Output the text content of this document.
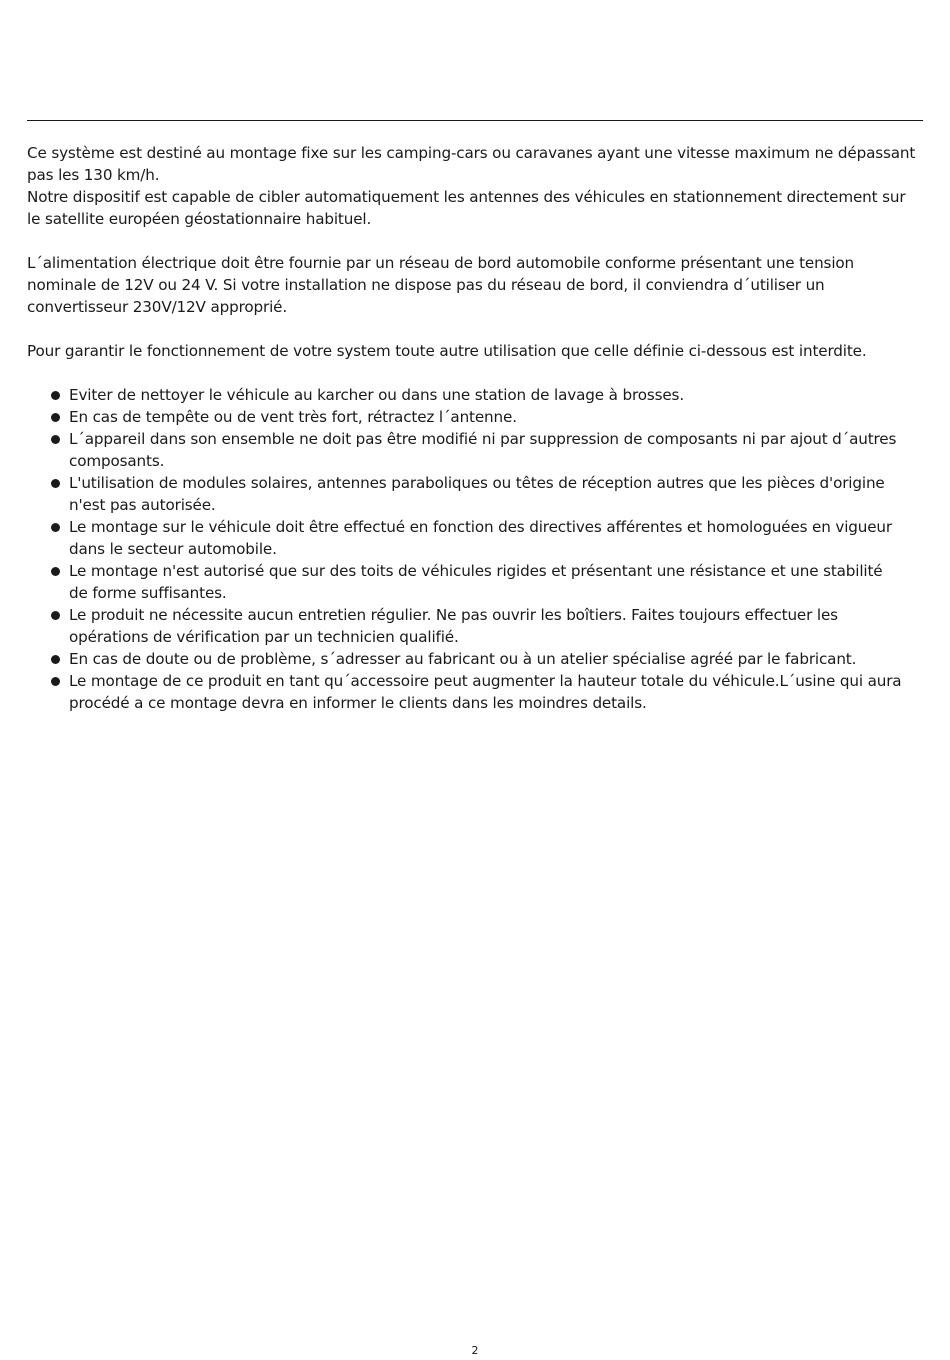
Ce système est destiné au montage fixe sur les camping-cars ou caravanes ayant une vitesse maximum ne dépassant pas les 130 km/h.

Notre dispositif est capable de cibler automatiquement les antennes des véhicules en stationnement directement sur le satellite européen géostationnaire habituel.

L´alimentation électrique doit être fournie par un réseau de bord automobile conforme présentant une tension nominale de 12V ou 24 V. Si votre installation ne dispose pas du réseau de bord, il conviendra d´utiliser un convertisseur 230V/12V approprié.

Pour garantir le fonctionnement de votre system toute autre utilisation que celle définie ci-dessous est interdite.

Eviter de nettoyer le véhicule au karcher ou dans une station de lavage à brosses.
En cas de tempête ou de vent très fort, rétractez l´antenne.
L´appareil dans son ensemble ne doit pas être modifié ni par suppression de composants ni par ajout d´autres composants.
L'utilisation de modules solaires, antennes paraboliques ou têtes de réception autres que les pièces d'origine n'est pas autorisée.
Le montage sur le véhicule doit être effectué en fonction des directives afférentes et homologuées en vigueur dans le secteur automobile.
Le montage n'est autorisé que sur des toits de véhicules rigides et présentant une résistance et une stabilité de forme suffisantes.
Le produit ne nécessite aucun entretien régulier. Ne pas ouvrir les boîtiers. Faites toujours effectuer les opérations de vérification par un technicien qualifié.
En cas de doute ou de problème, s´adresser au fabricant ou à un atelier spécialise agréé par le fabricant.
Le montage de ce produit en tant qu´accessoire peut augmenter la hauteur totale du véhicule.L´usine qui aura procédé a ce montage devra en informer le clients dans les moindres details.
2
